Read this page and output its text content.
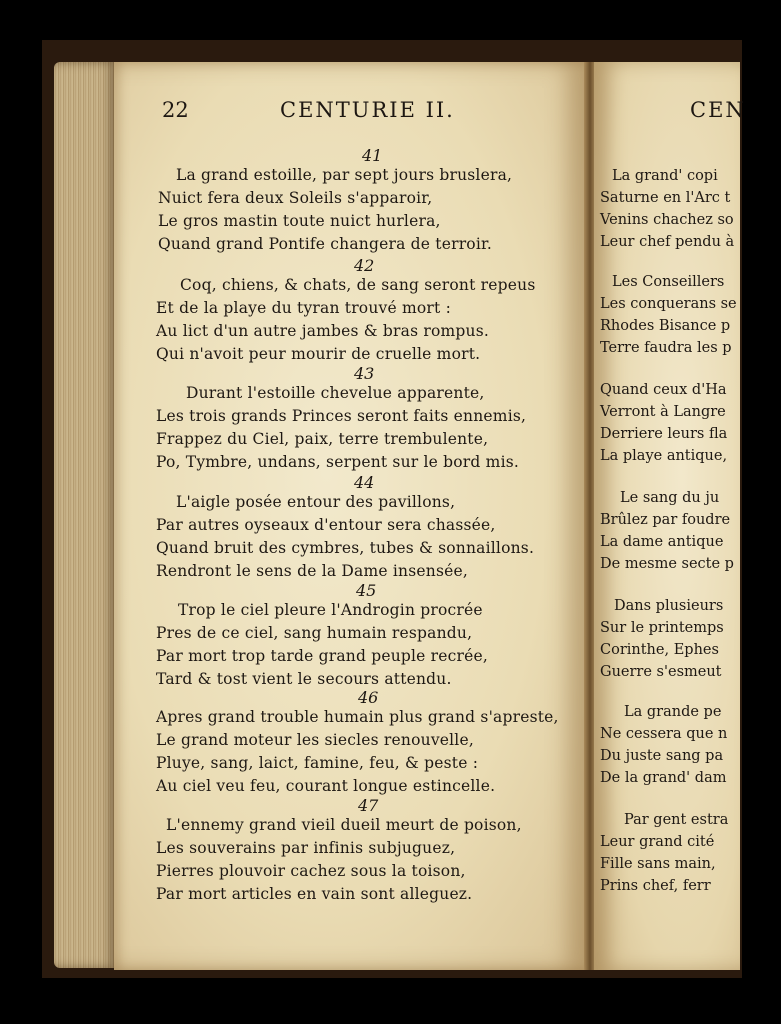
22	CENTURIE II.
41
La grand estoille, par sept jours bruslera,
Nuict fera deux Soleils s'apparoir,
Le gros mastin toute nuict hurlera,
Quand grand Pontife changera de terroir.
42
Coq, chiens, & chats, de sang seront repeus
Et de la playe du tyran trouvé mort :
Au lict d'un autre jambes & bras rompus.
Qui n'avoit peur mourir de cruelle mort.
43
Durant l'estoille chevelue apparente,
Les trois grands Princes seront faits ennemis,
Frappez du Ciel, paix, terre trembulente,
Po, Tymbre, undans, serpent sur le bord mis.
44
L'aigle posée entour des pavillons,
Par autres oyseaux d'entour sera chassée,
Quand bruit des cymbres, tubes & sonnaillons.
Rendront le sens de la Dame insensée,
45
Trop le ciel pleure l'Androgin procrée
Pres de ce ciel, sang humain respandu,
Par mort trop tarde grand peuple recrée,
Tard & tost vient le secours attendu.
46
Apres grand trouble humain plus grand s'apreste,
Le grand moteur les siecles renouvelle,
Pluye, sang, laict, famine, feu, & peste :
Au ciel veu feu, courant longue estincelle.
47
L'ennemy grand vieil dueil meurt de poison,
Les souverains par infinis subjuguez,
Pierres plouvoir cachez sous la toison,
Par mort articles en vain sont alleguez.
CEN
La grand' copi
Saturne en l'Arc t
Venins chachez so
Leur chef pendu à
Les Conseillers
Les conquerans se
Rhodes Bisance p
Terre faudra les p
Quand ceux d'Ha
Verront à Langre
Derriere leurs fla
La playe antique,
Le sang du ju
Brûlez par foudre
La dame antique
De mesme secte p
Dans plusieurs
Sur le printemps
Corinthe, Ephes
Guerre s'esmeut
La grande pe
Ne cessera que n
Du juste sang pa
De la grand' dam
Par gent estra
Leur grand cité
Fille sans main,
Prins chef, ferr
